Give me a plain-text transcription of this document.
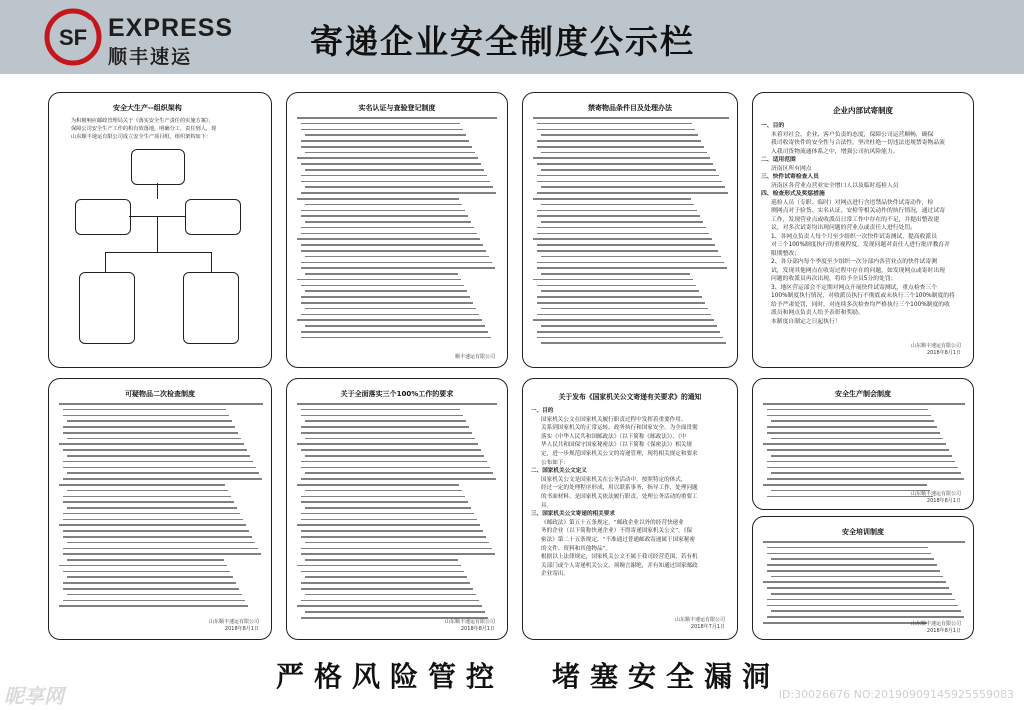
SF EXPRESS
顺丰速运	寄递企业安全制度公示栏
安全大生产--组织架构
为积极响应邮政管理局关于《落实安全生产责任的实施方案》，
保障公司安全生产工作的积有效落地，明确分工，责任到人，现
山东顺丰速运有限公司成立安全生产项目组，组织架构如下：
实名认证与查验登记制度
顺丰速运有限公司
禁寄物品条件目及处理办法	企业内部试寄制度
一、目的
本着对社会、企业、客户负责的态度，保障公司运营顺畅，确保
我司收寄快件的安全性与合法性，坚决杜绝一切违法违规禁寄物品流
入我司货物流通体系之中，增强公司抗风险能力。
二、适用范围
济南区所有网点
三、快件试寄检查人员
济南区各营业点营业安全增口人以及临时巡检人员
四、检查形式及奖惩措施
巡检人员（专职、临时）对网点进行含违禁品快件试寄动作，检
测网点对于验货、实名认证、安检等相关动作的执行情况，通过试寄
工作，发现营业点或收派员日常工作中存在的不足，并提出整改建
议，对多次试寄均出现问题的营业点或责任人进行处罚。
1、各网点负责人每个月至少组织一次快件试寄测试，提高收派员
对三个100%制度执行的重视程度，发现问题对责任人进行批评教育并
限期整改；
2、各分部内每个季度至少组织一次分部内各营业点的快件试寄测
试，发现其他网点在收寄过程中存在的问题，如发现网点或寄时出现
问题的收派员再次出现，将给予全员5分的处罚；
3、地区营运部会不定期对网点开展快件试寄测试，重点检查三个
100%制度执行情况，对收派员执行不彻底或未执行三个100%制度的将
给予严肃处罚，同时，对连续多次检查均严格执行三个100%制度的收
派员和网点负责人给予表彰和奖励。
本制度自制定之日起执行！
山东顺丰速运有限公司
2018年8月1日
可疑物品二次检查制度
山东顺丰速运有限公司
2018年8月1日
关于全面落实三个100%工作的要求
山东顺丰速运有限公司
2018年8月1日
关于发布《国家机关公文寄递有关要求》的通知
一、目的
国家机关公文在国家机关履行职责过程中发挥着重要作用。
关系到国家机关的正常运转，政务执行和国家安全。为全面贯彻
落实《中华人民共和国邮政法》（以下简称《邮政法》）、《中
华人民共和国保守国家秘密法》（以下简称《保密法》）相关规
定，进一步规范国家机关公文的寄递管理，现将相关规定和要求
公布如下：
二、国家机关公文定义
国家机关公文是国家机关在公务活动中，按照特定的体式，
经过一定的处理程序形成，用以联系事务，指导工作，处理问题
的书面材料。是国家机关依法履行职责，处理公务活动的重要工
具。
三、国家机关公文寄递的相关要求
《邮政法》第五十五条规定，“邮政企业以外的经营快递业
务的企业（以下简称快递企业）不得寄递国家机关公文”。《保
密法》第二十五条规定，“不准通过普通邮政寄递属于国家秘密
的文件、资料和其他物品”。
根据以上法律规定，国家机关公文不属于我司经营范围，若有机
关部门或个人寄递机关公文，须婉言谢绝，并有知通过国家邮政
企业寄出。
山东顺丰速运有限公司
2018年7月1日
安全生产制会制度
山东顺丰速运有限公司
2018年8月1日
安全培训制度
山东顺丰速运有限公司
2018年8月1日
严格风险管控 堵塞安全漏洞
昵享网	ID:30026676 NO:20190909145925559083
